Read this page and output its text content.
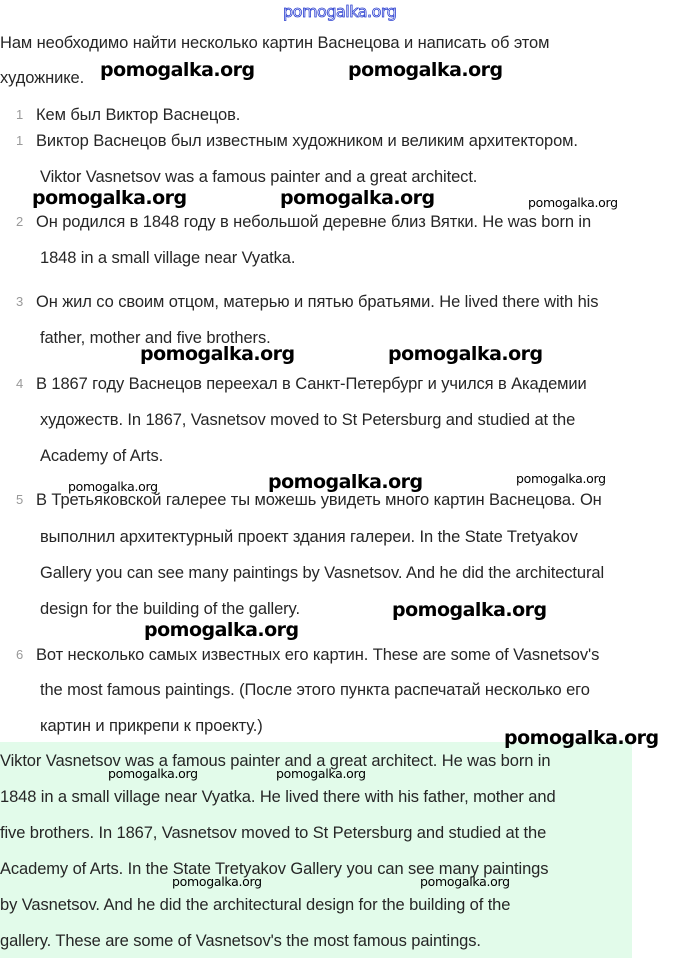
Нам необходимо найти несколько картин Васнецова и написать об этом
художнике.
1 Кем был Виктор Васнецов.
1 Виктор Васнецов был известным художником и великим архитектором.
Viktor Vasnetsov was a famous painter and a great architect.
2 Он родился в 1848 году в небольшой деревне близ Вятки. He was born in
1848 in a small village near Vyatka.
3 Он жил со своим отцом, матерью и пятью братьями. He lived there with his
father, mother and five brothers.
4 В 1867 году Васнецов переехал в Санкт-Петербург и учился в Академии
художеств. In 1867, Vasnetsov moved to St Petersburg and studied at the
Academy of Arts.
5 В Третьяковской галерее ты можешь увидеть много картин Васнецова. Он
выполнил архитектурный проект здания галереи. In the State Tretyakov
Gallery you can see many paintings by Vasnetsov. And he did the architectural
design for the building of the gallery.
6 Вот несколько самых известных его картин. These are some of Vasnetsov's
the most famous paintings. (После этого пункта распечатай несколько его
картин и прикрепи к проекту.)
Viktor Vasnetsov was a famous painter and a great architect. He was born in
1848 in a small village near Vyatka. He lived there with his father, mother and
five brothers. In 1867, Vasnetsov moved to St Petersburg and studied at the
Academy of Arts. In the State Tretyakov Gallery you can see many paintings
by Vasnetsov. And he did the architectural design for the building of the
gallery. These are some of Vasnetsov's the most famous paintings.
pomogalka.org
pomogalka.org	pomogalka.org
pomogalka.org	pomogalka.org	pomogalka.org
pomogalka.org	pomogalka.org
pomogalka.org
pomogalka.org
pomogalka.org
pomogalka.org
pomogalka.org
pomogalka.org
pomogalka.org	pomogalka.org
pomogalka.org	pomogalka.org
